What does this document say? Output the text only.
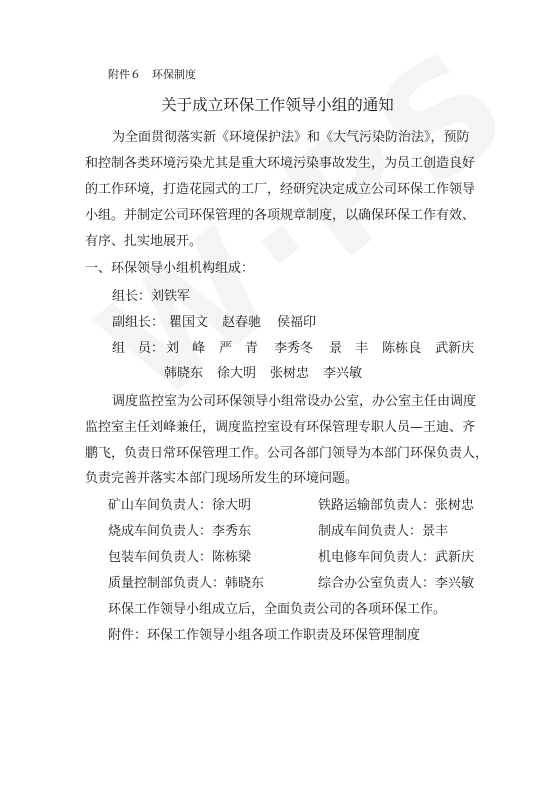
附件６　环保制度
关于成立环保工作领导小组的通知
为全面贯彻落实新《环境保护法》和《大气污染防治法》，预防
和控制各类环境污染尤其是重大环境污染事故发生，为员工创造良好
的工作环境，打造花园式的工厂，经研究决定成立公司环保工作领导
小组。并制定公司环保管理的各项规章制度，以确保环保工作有效、
有序、扎实地展开。
一、环保领导小组机构组成：
组长：刘铁军
副组长： 瞿国文 赵春驰 侯福印
组　员： 刘　峰 严　青 李秀冬 景　丰 陈栋良 武新庆
韩晓东 徐大明 张树忠 李兴敏
调度监控室为公司环保领导小组常设办公室，办公室主任由调度
监控室主任刘峰兼任，调度监控室设有环保管理专职人员—王迪、齐
鹏飞，负责日常环保管理工作。公司各部门领导为本部门环保负责人，
负责完善并落实本部门现场所发生的环境问题。
矿山车间负责人：徐大明	铁路运输部负责人：张树忠
烧成车间负责人：李秀东	制成车间负责人：景丰
包装车间负责人：陈栋梁	机电修车间负责人：武新庆
质量控制部负责人：韩晓东	综合办公室负责人：李兴敏
环保工作领导小组成立后，全面负责公司的各项环保工作。
附件：环保工作领导小组各项工作职责及环保管理制度
